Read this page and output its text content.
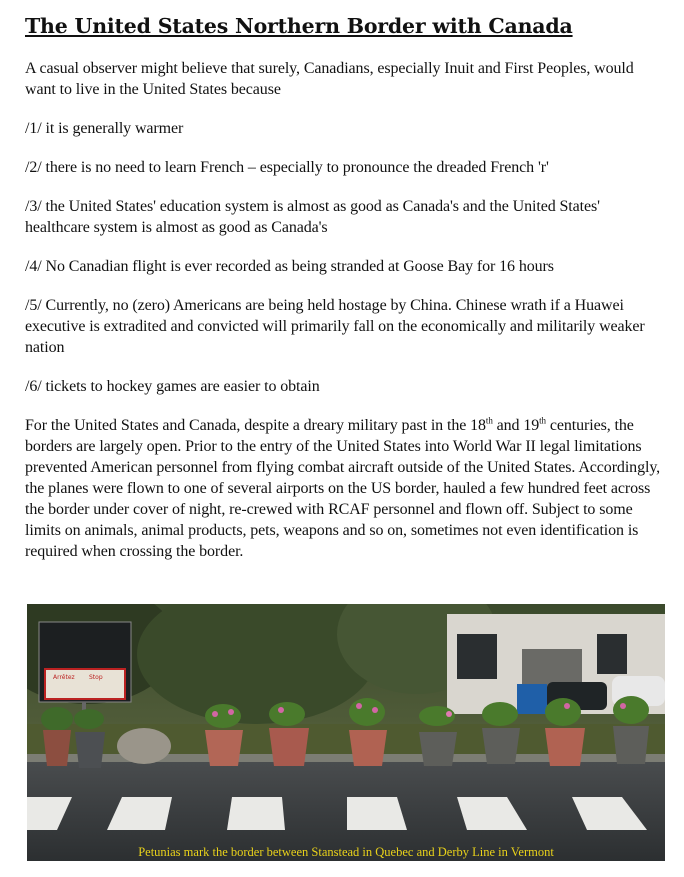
The United States Northern Border with Canada

A casual observer might believe that surely, Canadians, especially Inuit and First Peoples, would want to live in the United States because

/1/ it is generally warmer

/2/ there is no need to learn French – especially to pronounce the dreaded French 'r'

/3/ the United States' education system is almost as good as Canada's and the United States' healthcare system is almost as good as Canada's

/4/ No Canadian flight is ever recorded as being stranded at Goose Bay for 16 hours

/5/ Currently, no (zero) Americans are being held hostage by China. Chinese wrath if a Huawei executive is extradited and convicted will primarily fall on the economically and militarily weaker nation

/6/ tickets to hockey games are easier to obtain

For the United States and Canada, despite a dreary military past in the 18th and 19th centuries, the borders are largely open. Prior to the entry of the United States into World War II legal limitations prevented American personnel from flying combat aircraft outside of the United States. Accordingly, the planes were flown to one of several airports on the US border, hauled a few hundred feet across the border under cover of night, re-crewed with RCAF personnel and flown off. Subject to some limits on animals, animal products, pets, weapons and so on, sometimes not even identification is required when crossing the border.

Arrêtez Stop
Petunias mark the border between Stanstead in Quebec and Derby Line in Vermont
